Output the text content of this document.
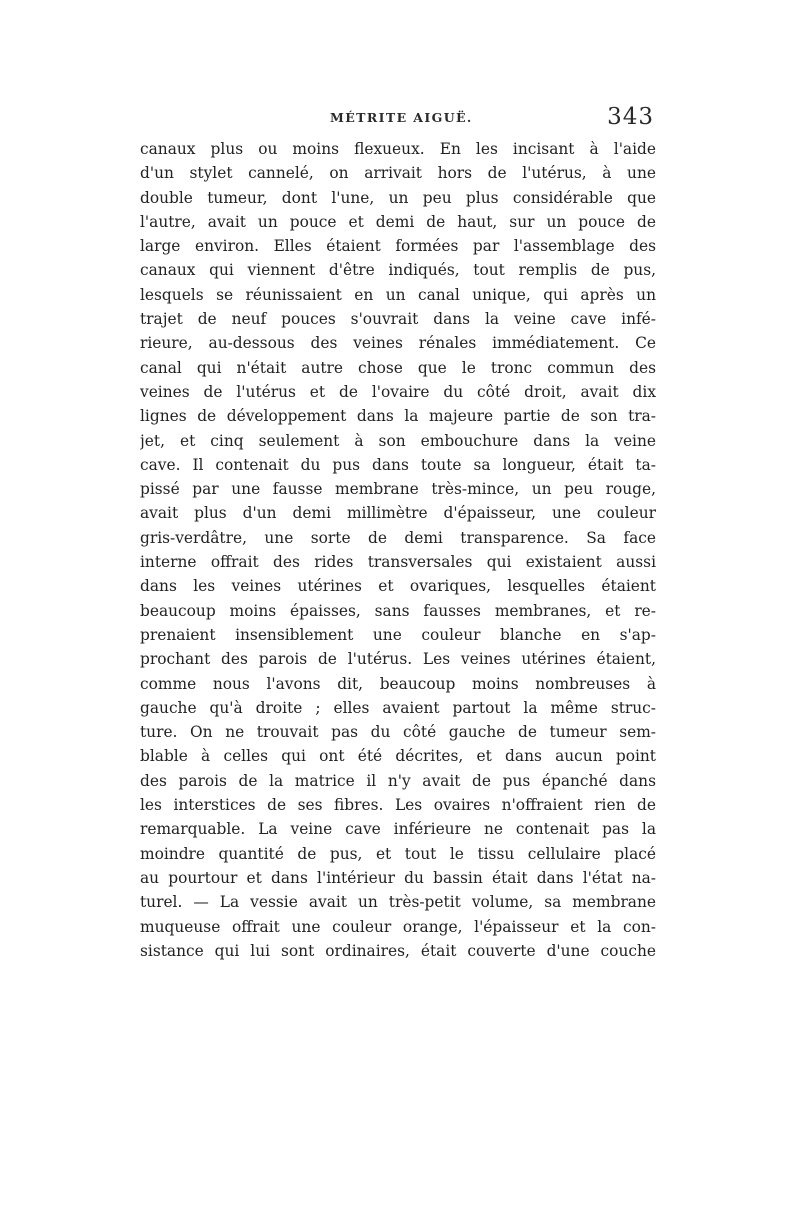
MÉTRITE AIGUË.	343
canaux plus ou moins flexueux. En les incisant à l'aide
d'un stylet cannelé, on arrivait hors de l'utérus, à une
double tumeur, dont l'une, un peu plus considérable que
l'autre, avait un pouce et demi de haut, sur un pouce de
large environ. Elles étaient formées par l'assemblage des
canaux qui viennent d'être indiqués, tout remplis de pus,
lesquels se réunissaient en un canal unique, qui après un
trajet de neuf pouces s'ouvrait dans la veine cave infé-
rieure, au-dessous des veines rénales immédiatement. Ce
canal qui n'était autre chose que le tronc commun des
veines de l'utérus et de l'ovaire du côté droit, avait dix
lignes de développement dans la majeure partie de son tra-
jet, et cinq seulement à son embouchure dans la veine
cave. Il contenait du pus dans toute sa longueur, était ta-
pissé par une fausse membrane très-mince, un peu rouge,
avait plus d'un demi millimètre d'épaisseur, une couleur
gris-verdâtre, une sorte de demi transparence. Sa face
interne offrait des rides transversales qui existaient aussi
dans les veines utérines et ovariques, lesquelles étaient
beaucoup moins épaisses, sans fausses membranes, et re-
prenaient insensiblement une couleur blanche en s'ap-
prochant des parois de l'utérus. Les veines utérines étaient,
comme nous l'avons dit, beaucoup moins nombreuses à
gauche qu'à droite ; elles avaient partout la même struc-
ture. On ne trouvait pas du côté gauche de tumeur sem-
blable à celles qui ont été décrites, et dans aucun point
des parois de la matrice il n'y avait de pus épanché dans
les interstices de ses fibres. Les ovaires n'offraient rien de
remarquable. La veine cave inférieure ne contenait pas la
moindre quantité de pus, et tout le tissu cellulaire placé
au pourtour et dans l'intérieur du bassin était dans l'état na-
turel. — La vessie avait un très-petit volume, sa membrane
muqueuse offrait une couleur orange, l'épaisseur et la con-
sistance qui lui sont ordinaires, était couverte d'une couche
